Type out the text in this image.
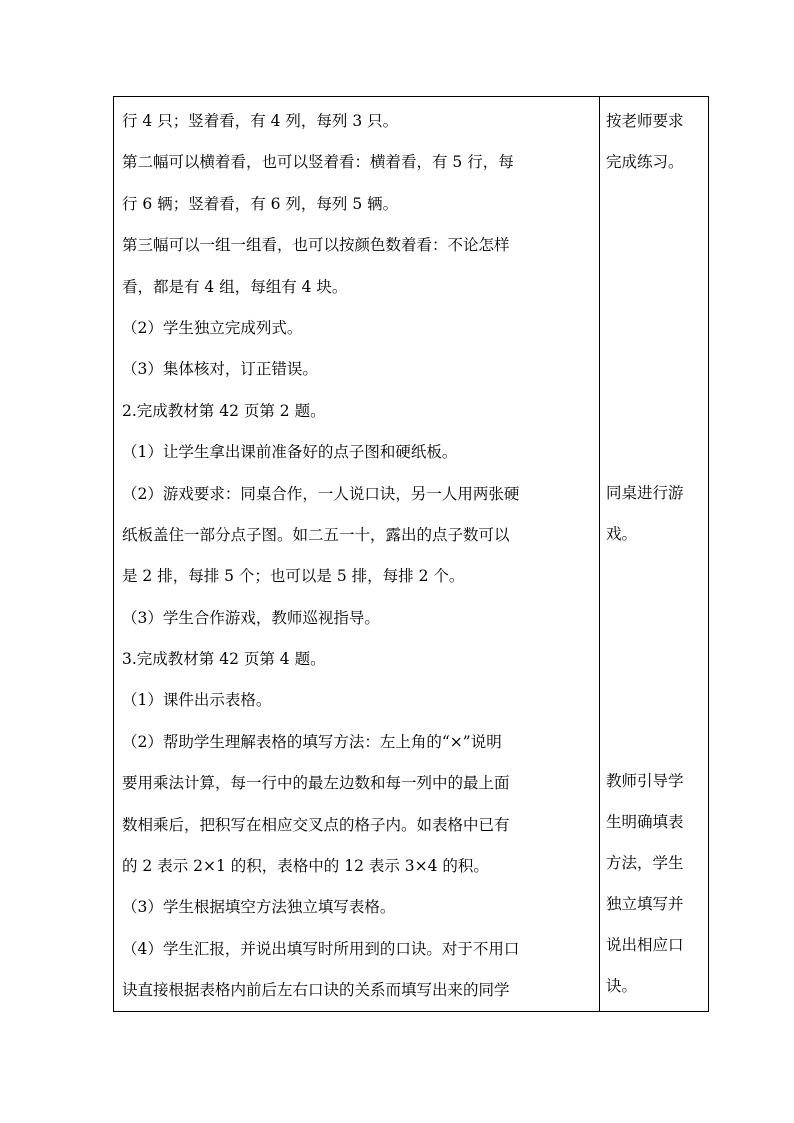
行 4 只；竖着看，有 4 列，每列 3 只。
第二幅可以横着看，也可以竖着看：横着看，有 5 行，每
行 6 辆；竖着看，有 6 列，每列 5 辆。
第三幅可以一组一组看，也可以按颜色数着看：不论怎样
看，都是有 4 组，每组有 4 块。
（2）学生独立完成列式。
（3）集体核对，订正错误。
2.完成教材第 42 页第 2 题。
（1）让学生拿出课前准备好的点子图和硬纸板。
（2）游戏要求：同桌合作，一人说口诀，另一人用两张硬
纸板盖住一部分点子图。如二五一十，露出的点子数可以
是 2 排，每排 5 个；也可以是 5 排，每排 2 个。
（3）学生合作游戏，教师巡视指导。
3.完成教材第 42 页第 4 题。
（1）课件出示表格。
（2）帮助学生理解表格的填写方法：左上角的“×”说明
要用乘法计算，每一行中的最左边数和每一列中的最上面
数相乘后，把积写在相应交叉点的格子内。如表格中已有
的 2 表示 2×1 的积，表格中的 12 表示 3×4 的积。
（3）学生根据填空方法独立填写表格。
（4）学生汇报，并说出填写时所用到的口诀。对于不用口
诀直接根据表格内前后左右口诀的关系而填写出来的同学
按老师要求
完成练习。
同桌进行游
戏。
教师引导学
生明确填表
方法，学生
独立填写并
说出相应口
诀。
